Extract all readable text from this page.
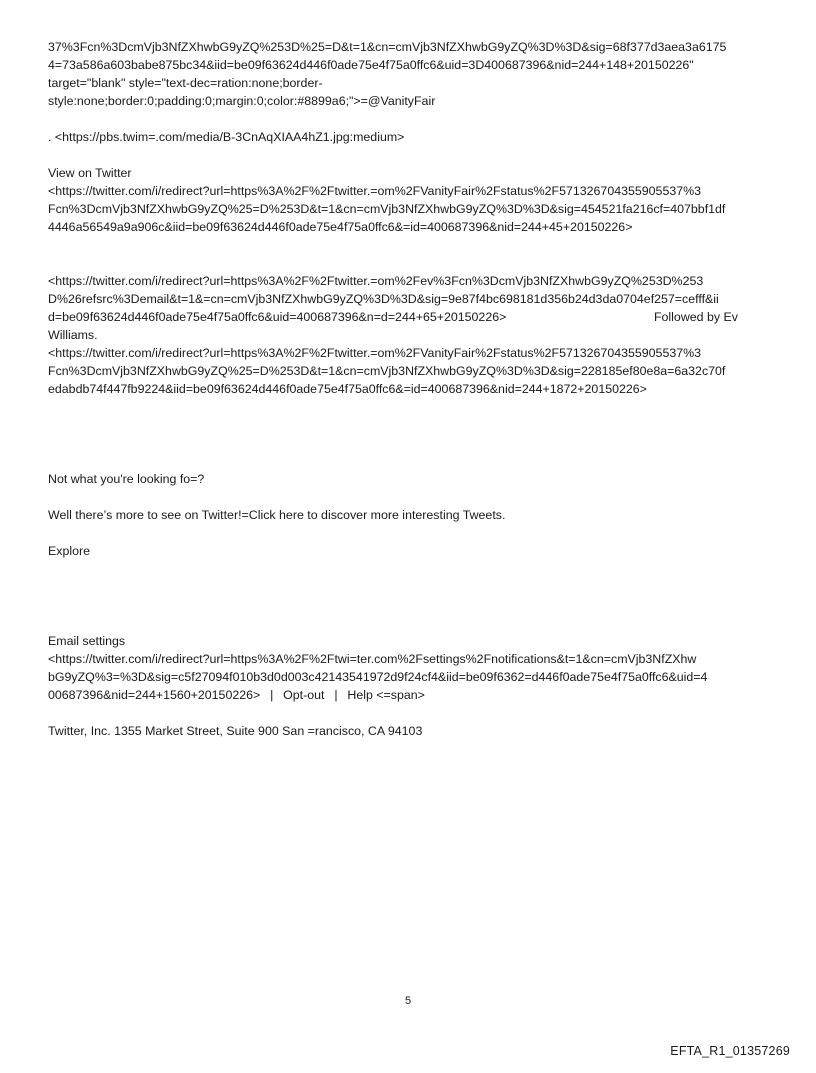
37%3Fcn%3DcmVjb3NfZXhwbG9yZQ%253D%25=D&t=1&cn=cmVjb3NfZXhwbG9yZQ%3D%3D&sig=68f377d3aea3a6175
4=73a586a603babe875bc34&iid=be09f63624d446f0ade75e4f75a0ffc6&uid=3D400687396&nid=244+148+20150226"
target="blank" style="text-dec=ration:none;border-
style:none;border:0;padding:0;margin:0;color:#8899a6;">=@VanityFair
. <https://pbs.twim=.com/media/B-3CnAqXIAA4hZ1.jpg:medium>
View on Twitter
<https://twitter.com/i/redirect?url=https%3A%2F%2Ftwitter.=om%2FVanityFair%2Fstatus%2F571326704355905537%3
Fcn%3DcmVjb3NfZXhwbG9yZQ%25=D%253D&t=1&cn=cmVjb3NfZXhwbG9yZQ%3D%3D&sig=454521fa216cf=407bbf1df
4446a56549a9a906c&iid=be09f63624d446f0ade75e4f75a0ffc6&=id=400687396&nid=244+45+20150226>
<https://twitter.com/i/redirect?url=https%3A%2F%2Ftwitter.=om%2Fev%3Fcn%3DcmVjb3NfZXhwbG9yZQ%253D%253
D%26refsrc%3Demail&t=1&=cn=cmVjb3NfZXhwbG9yZQ%3D%3D&sig=9e87f4bc698181d356b24d3da0704ef257=cefff&ii
d=be09f63624d446f0ade75e4f75a0ffc6&uid=400687396&n=d=244+65+20150226>	Followed by Ev
Williams.
<https://twitter.com/i/redirect?url=https%3A%2F%2Ftwitter.=om%2FVanityFair%2Fstatus%2F571326704355905537%3
Fcn%3DcmVjb3NfZXhwbG9yZQ%25=D%253D&t=1&cn=cmVjb3NfZXhwbG9yZQ%3D%3D&sig=228185ef80e8a=6a32c70f
edabdb74f447fb9224&iid=be09f63624d446f0ade75e4f75a0ffc6&=id=400687396&nid=244+1872+20150226>
Not what you're looking fo=?
Well there’s more to see on Twitter!=Click here to discover more interesting Tweets.
Explore
Email settings
<https://twitter.com/i/redirect?url=https%3A%2F%2Ftwi=ter.com%2Fsettings%2Fnotifications&t=1&cn=cmVjb3NfZXhw
bG9yZQ%3=%3D&sig=c5f27094f010b3d0d003c42143541972d9f24cf4&iid=be09f6362=d446f0ade75e4f75a0ffc6&uid=4
00687396&nid=244+1560+20150226> | Opt-out | Help <=span>
Twitter, Inc. 1355 Market Street, Suite 900 San =rancisco, CA 94103
5
EFTA_R1_01357269
